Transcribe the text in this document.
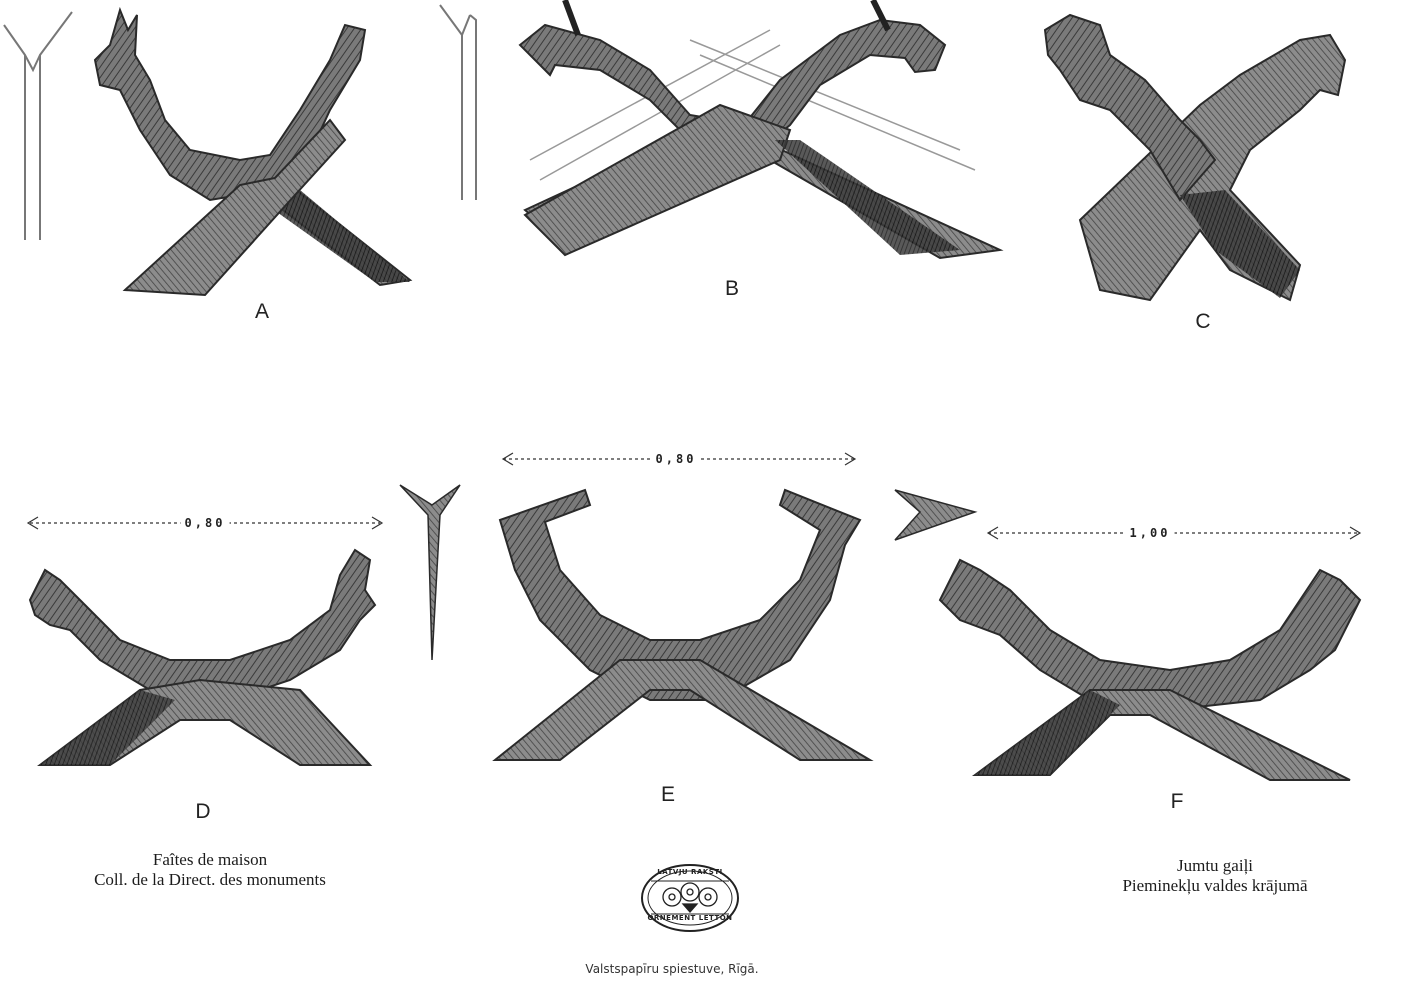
A
B
C
D
E	F
0,80
0,80
1,00
Faîtes de maison
Coll. de la Direct. des monuments
Jumtu gaiļi
Pieminekļu valdes krājumā
LATVJU RAKSTI
ORNEMENT LETTON
Valstspapīru spiestuve, Rīgā.
